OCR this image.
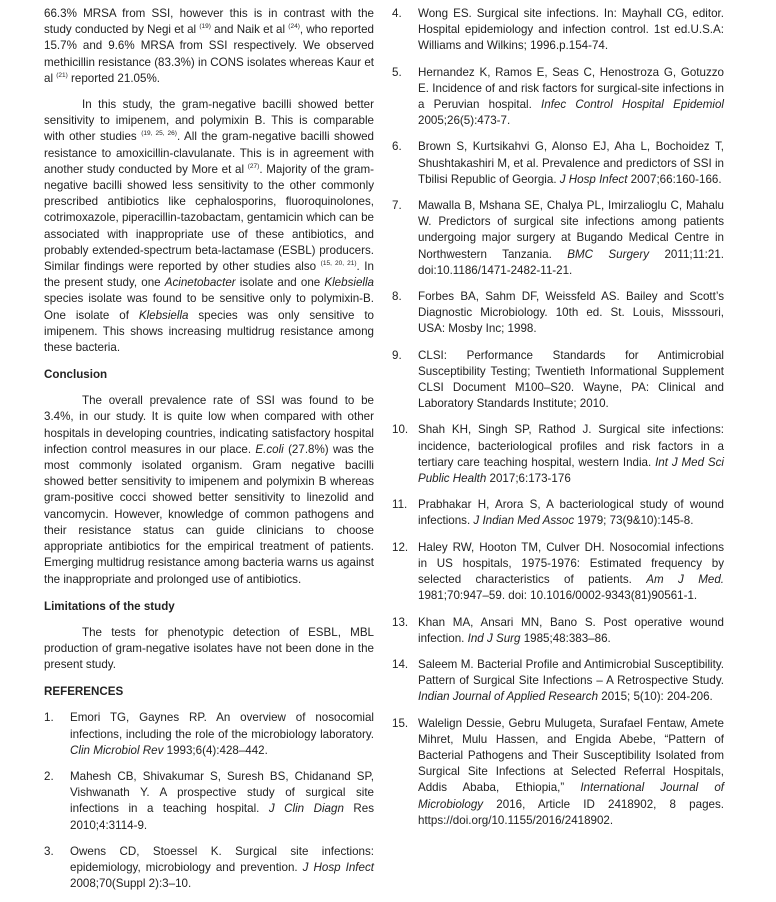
66.3% MRSA from SSI, however this is in contrast with the study conducted by Negi et al $^{(19)}$ and Naik et al $^{(24)}$, who reported 15.7% and 9.6% MRSA from SSI respectively. We observed methicillin resistance (83.3%) in CONS isolates whereas Kaur et al $^{(21)}$ reported 21.05%.

In this study, the gram-negative bacilli showed better sensitivity to imipenem, and polymixin B. This is comparable with other studies $^{(19, 25, 26)}$. All the gram-negative bacilli showed resistance to amoxicillin-clavulanate. This is in agreement with another study conducted by More et al $^{(27)}$. Majority of the gram-negative bacilli showed less sensitivity to the other commonly prescribed antibiotics like cephalosporins, fluoroquinolones, cotrimoxazole, piperacillin-tazobactam, gentamicin which can be associated with inappropriate use of these antibiotics, and probably extended-spectrum beta-lactamase (ESBL) producers. Similar findings were reported by other studies also $^{(15, 20, 21)}$. In the present study, one Acinetobacter isolate and one Klebsiella species isolate was found to be sensitive only to polymixin-B. One isolate of Klebsiella species was only sensitive to imipenem. This shows increasing multidrug resistance among these bacteria.

Conclusion

The overall prevalence rate of SSI was found to be 3.4%, in our study. It is quite low when compared with other hospitals in developing countries, indicating satisfactory hospital infection control measures in our place. E.coli (27.8%) was the most commonly isolated organism. Gram negative bacilli showed better sensitivity to imipenem and polymixin B whereas gram-positive cocci showed better sensitivity to linezolid and vancomycin. However, knowledge of common pathogens and their resistance status can guide clinicians to choose appropriate antibiotics for the empirical treatment of patients. Emerging multidrug resistance among bacteria warns us against the inappropriate and prolonged use of antibiotics.

Limitations of the study

The tests for phenotypic detection of ESBL, MBL production of gram-negative isolates have not been done in the present study.

REFERENCES
1.	Emori TG, Gaynes RP. An overview of nosocomial infections, including the role of the microbiology laboratory. Clin Microbiol Rev 1993;6(4):428–442.
2.	Mahesh CB, Shivakumar S, Suresh BS, Chidanand SP, Vishwanath Y. A prospective study of surgical site infections in a teaching hospital. J Clin Diagn Res 2010;4:3114-9.
3.	Owens CD, Stoessel K. Surgical site infections: epidemiology, microbiology and prevention. J Hosp Infect 2008;70(Suppl 2):3–10.
4.	Wong ES. Surgical site infections. In: Mayhall CG, editor. Hospital epidemiology and infection control. 1st ed.U.S.A: Williams and Wilkins; 1996.p.154-74.
5.	Hernandez K, Ramos E, Seas C, Henostroza G, Gotuzzo E. Incidence of and risk factors for surgical-site infections in a Peruvian hospital. Infec Control Hospital Epidemiol 2005;26(5):473-7.
6.	Brown S, Kurtsikahvi G, Alonso EJ, Aha L, Bochoidez T, Shushtakashiri M, et al. Prevalence and predictors of SSI in Tbilisi Republic of Georgia. J Hosp Infect 2007;66:160-166.
7.	Mawalla B, Mshana SE, Chalya PL, Imirzalioglu C, Mahalu W. Predictors of surgical site infections among patients undergoing major surgery at Bugando Medical Centre in Northwestern Tanzania. BMC Surgery 2011;11:21. doi:10.1186/1471-2482-11-21.
8.	Forbes BA, Sahm DF, Weissfeld AS. Bailey and Scott’s Diagnostic Microbiology. 10th ed. St. Louis, Misssouri, USA: Mosby Inc; 1998.
9.	CLSI: Performance Standards for Antimicrobial Susceptibility Testing; Twentieth Informational Supplement CLSI Document M100–S20. Wayne, PA: Clinical and Laboratory Standards Institute; 2010.
10. Shah KH, Singh SP, Rathod J. Surgical site infections: incidence, bacteriological profiles and risk factors in a tertiary care teaching hospital, western India. Int J Med Sci Public Health 2017;6:173-176
11. Prabhakar H, Arora S, A bacteriological study of wound infections. J Indian Med Assoc 1979; 73(9&10):145-8.
12. Haley RW, Hooton TM, Culver DH. Nosocomial infections in US hospitals, 1975-1976: Estimated frequency by selected characteristics of patients. Am J Med. 1981;70:947–59. doi: 10.1016/0002-9343(81)90561-1.
13. Khan MA, Ansari MN, Bano S. Post operative wound infection. Ind J Surg 1985;48:383–86.
14. Saleem M. Bacterial Profile and Antimicrobial Susceptibility. Pattern of Surgical Site Infections – A Retrospective Study. Indian Journal of Applied Research 2015; 5(10): 204-206.
15. Walelign Dessie, Gebru Mulugeta, Surafael Fentaw, Amete Mihret, Mulu Hassen, and Engida Abebe, “Pattern of Bacterial Pathogens and Their Susceptibility Isolated from Surgical Site Infections at Selected Referral Hospitals, Addis Ababa, Ethiopia,” International Journal of Microbiology 2016, Article ID 2418902, 8 pages. https://doi.org/10.1155/2016/2418902.
